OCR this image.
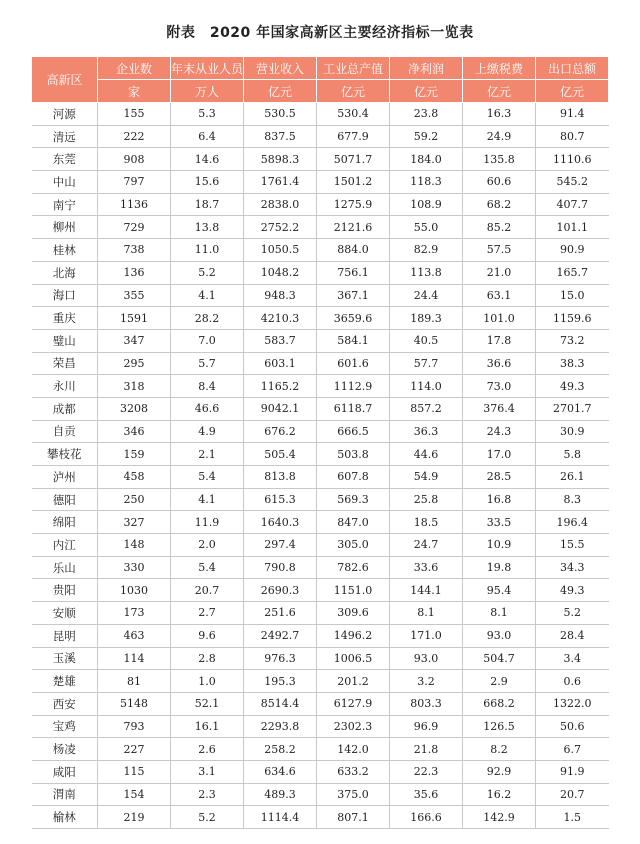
附表　2020 年国家高新区主要经济指标一览表
高新区	企业数	年末从业人员	营业收入	工业总产值	净利润	上缴税费	出口总额
	家	万人	亿元	亿元	亿元	亿元	亿元
河源	155	5.3	530.5	530.4	23.8	16.3	91.4
清远	222	6.4	837.5	677.9	59.2	24.9	80.7
东莞	908	14.6	5898.3	5071.7	184.0	135.8	1110.6
中山	797	15.6	1761.4	1501.2	118.3	60.6	545.2
南宁	1136	18.7	2838.0	1275.9	108.9	68.2	407.7
柳州	729	13.8	2752.2	2121.6	55.0	85.2	101.1
桂林	738	11.0	1050.5	884.0	82.9	57.5	90.9
北海	136	5.2	1048.2	756.1	113.8	21.0	165.7
海口	355	4.1	948.3	367.1	24.4	63.1	15.0
重庆	1591	28.2	4210.3	3659.6	189.3	101.0	1159.6
璧山	347	7.0	583.7	584.1	40.5	17.8	73.2
荣昌	295	5.7	603.1	601.6	57.7	36.6	38.3
永川	318	8.4	1165.2	1112.9	114.0	73.0	49.3
成都	3208	46.6	9042.1	6118.7	857.2	376.4	2701.7
自贡	346	4.9	676.2	666.5	36.3	24.3	30.9
攀枝花	159	2.1	505.4	503.8	44.6	17.0	5.8
泸州	458	5.4	813.8	607.8	54.9	28.5	26.1
德阳	250	4.1	615.3	569.3	25.8	16.8	8.3
绵阳	327	11.9	1640.3	847.0	18.5	33.5	196.4
内江	148	2.0	297.4	305.0	24.7	10.9	15.5
乐山	330	5.4	790.8	782.6	33.6	19.8	34.3
贵阳	1030	20.7	2690.3	1151.0	144.1	95.4	49.3
安顺	173	2.7	251.6	309.6	8.1	8.1	5.2
昆明	463	9.6	2492.7	1496.2	171.0	93.0	28.4
玉溪	114	2.8	976.3	1006.5	93.0	504.7	3.4
楚雄	81	1.0	195.3	201.2	3.2	2.9	0.6
西安	5148	52.1	8514.4	6127.9	803.3	668.2	1322.0
宝鸡	793	16.1	2293.8	2302.3	96.9	126.5	50.6
杨凌	227	2.6	258.2	142.0	21.8	8.2	6.7
咸阳	115	3.1	634.6	633.2	22.3	92.9	91.9
渭南	154	2.3	489.3	375.0	35.6	16.2	20.7
榆林	219	5.2	1114.4	807.1	166.6	142.9	1.5
